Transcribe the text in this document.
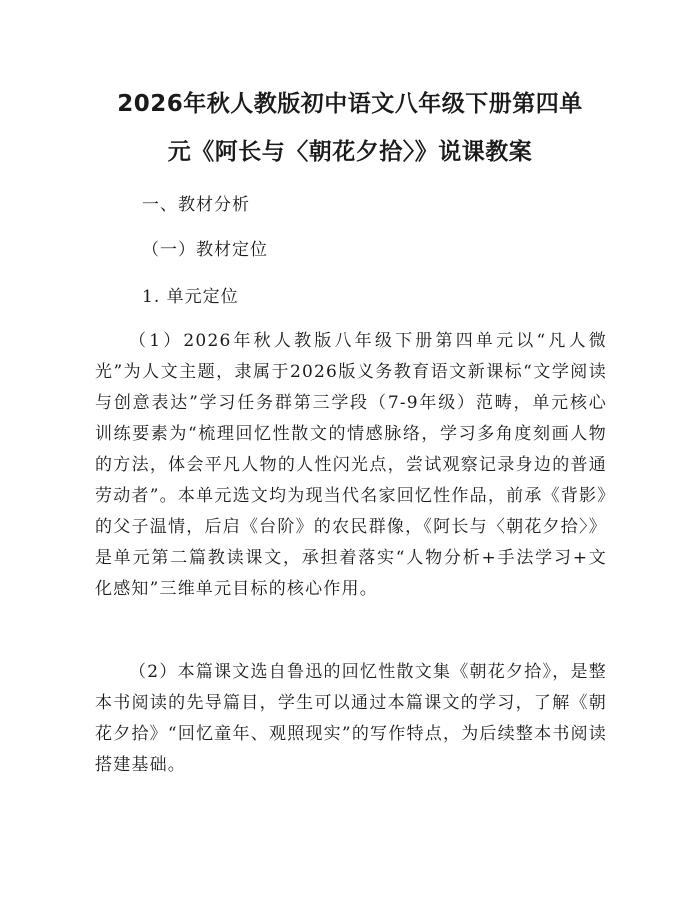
2026年秋人教版初中语文八年级下册第四单
元《阿长与〈朝花夕拾〉》说课教案
一、教材分析
（一）教材定位
1. 单元定位
（1）2026年秋人教版八年级下册第四单元以“凡人微光”为人文主题，隶属于2026版义务教育语文新课标“文学阅读与创意表达”学习任务群第三学段（7-9年级）范畴，单元核心训练要素为“梳理回忆性散文的情感脉络，学习多角度刻画人物的方法，体会平凡人物的人性闪光点，尝试观察记录身边的普通劳动者”。本单元选文均为现当代名家回忆性作品，前承《背影》的父子温情，后启《台阶》的农民群像，《阿长与〈朝花夕拾〉》是单元第二篇教读课文，承担着落实“人物分析+手法学习+文化感知”三维单元目标的核心作用。
（2）本篇课文选自鲁迅的回忆性散文集《朝花夕拾》，是整本书阅读的先导篇目，学生可以通过本篇课文的学习，了解《朝花夕拾》“回忆童年、观照现实”的写作特点，为后续整本书阅读搭建基础。
